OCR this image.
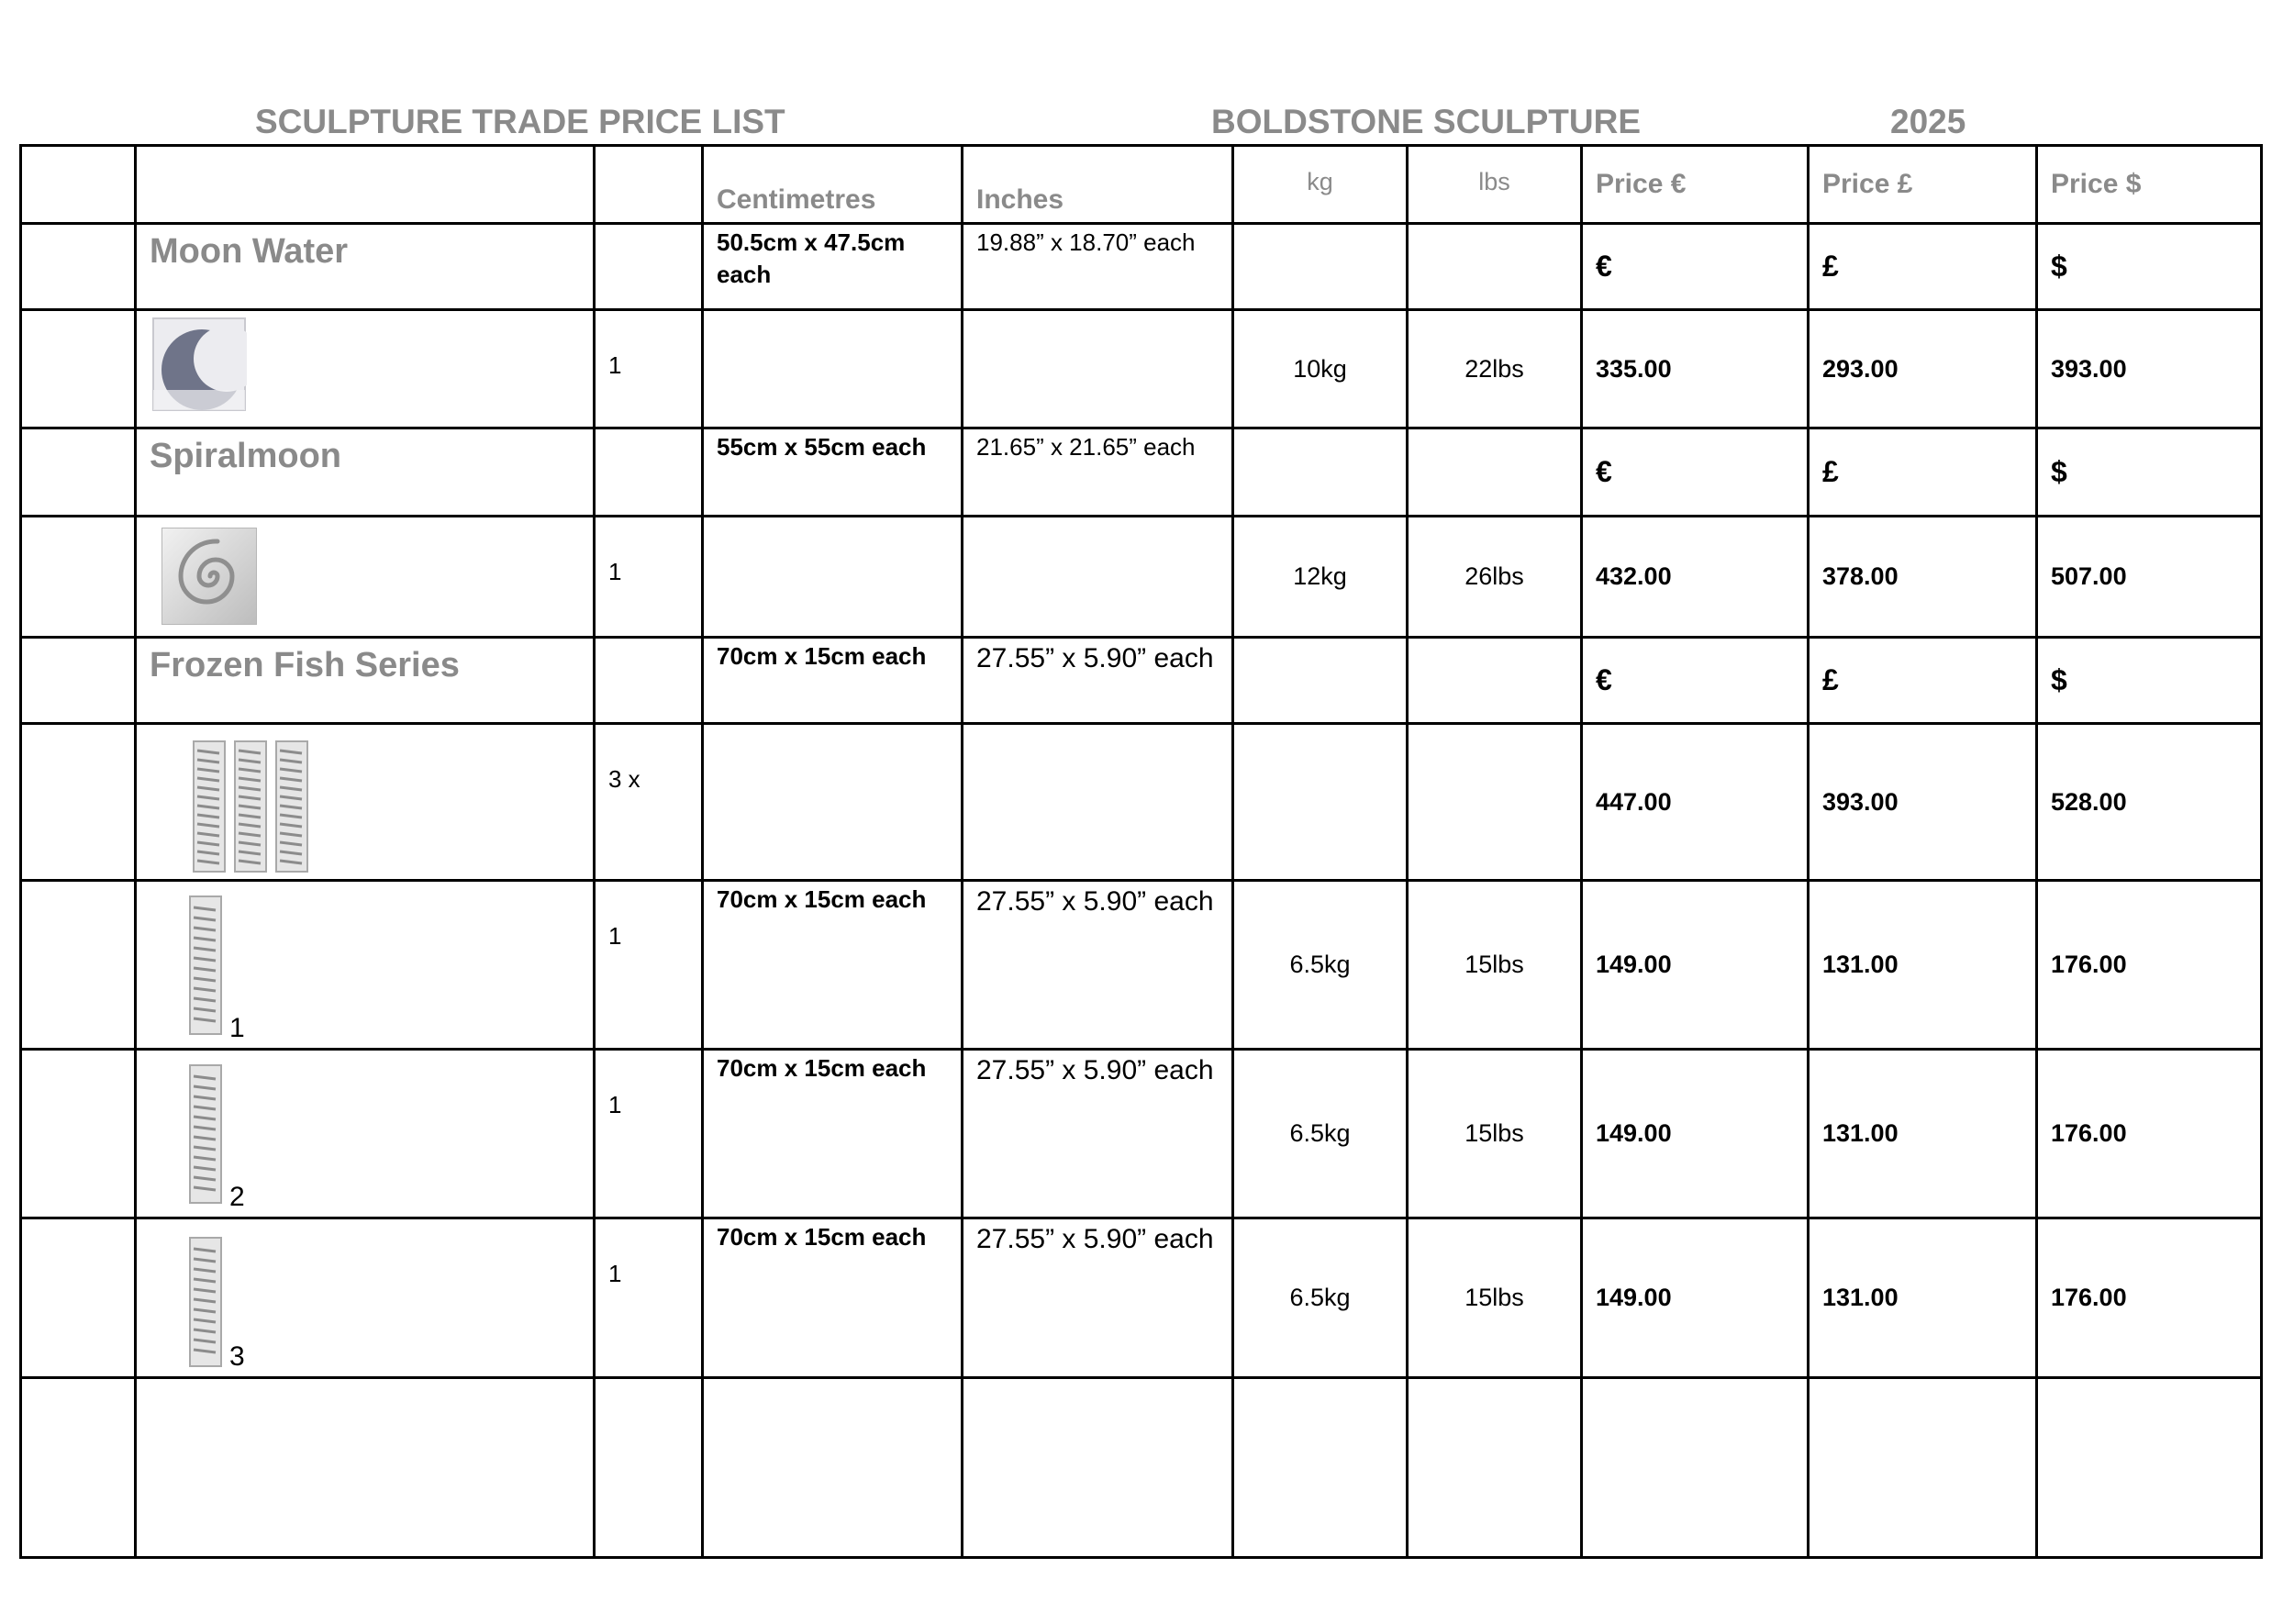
SCULPTURE TRADE PRICE LIST	BOLDSTONE SCULPTURE	2025
			Centimetres	Inches	kg	lbs	Price €	Price £	Price $
	Moon Water		50.5cm x 47.5cm each	19.88” x 18.70” each			€	£	$

	1			10kg	22lbs	335.00	293.00	393.00
	Spiralmoon		55cm x 55cm each	21.65” x 21.65” each			€	£	$

	1			12kg	26lbs	432.00	378.00	507.00
	Frozen Fish Series		70cm x 15cm each	27.55” x 5.90” each			€	£	$

	3 x					447.00	393.00	528.00

	1	1	70cm x 15cm each	27.55” x 5.90” each	6.5kg	15lbs	149.00	131.00	176.00

	2	1	70cm x 15cm each	27.55” x 5.90” each	6.5kg	15lbs	149.00	131.00	176.00

	3	1	70cm x 15cm each	27.55” x 5.90” each	6.5kg	15lbs	149.00	131.00	176.00
